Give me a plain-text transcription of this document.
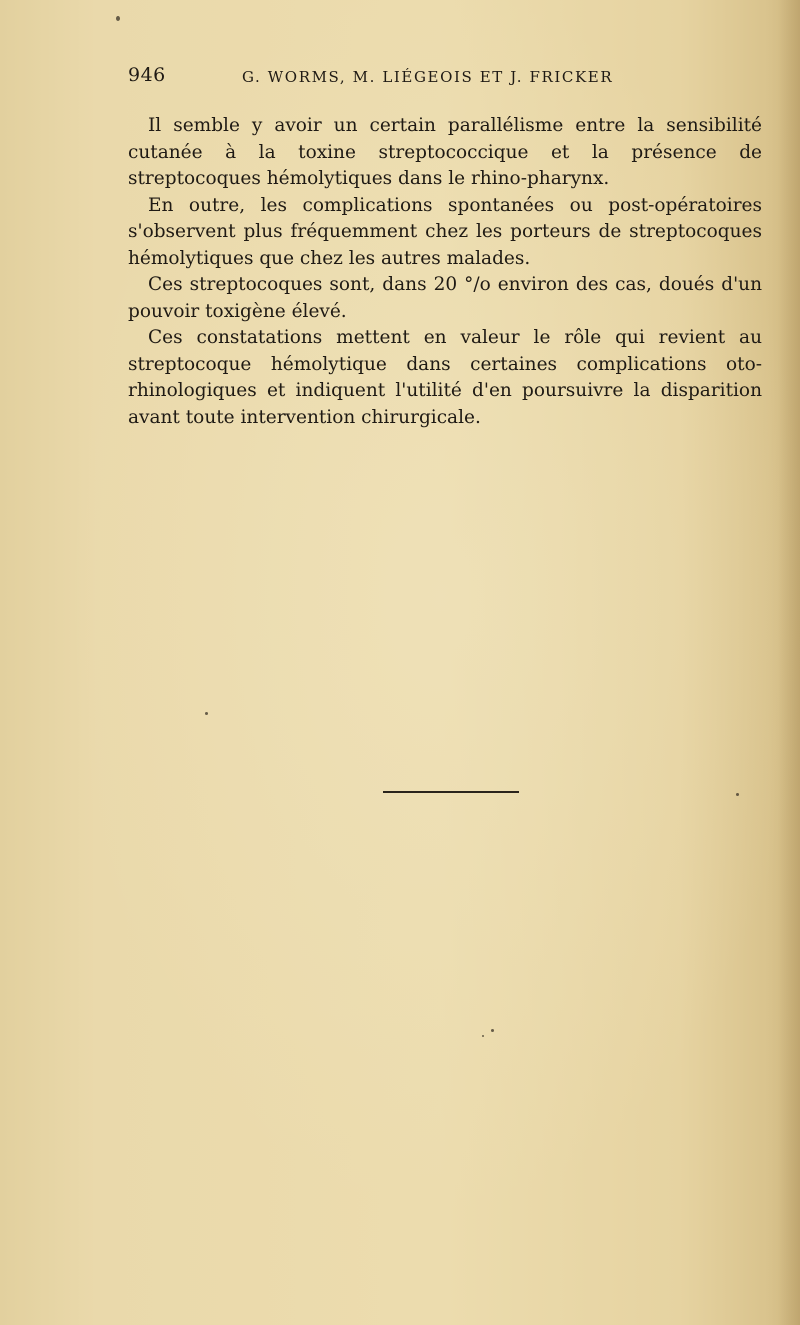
946	G. WORMS, M. LIÉGEOIS ET J. FRICKER

Il semble y avoir un certain parallélisme entre la sensibilité cutanée à la toxine streptococcique et la présence de streptocoques hémolytiques dans le rhino-pharynx.

En outre, les complications spontanées ou post-opératoires s'observent plus fréquemment chez les porteurs de streptocoques hémolytiques que chez les autres malades.

Ces streptocoques sont, dans 20 °/o environ des cas, doués d'un pouvoir toxigène élevé.

Ces constatations mettent en valeur le rôle qui revient au streptocoque hémolytique dans certaines complications oto-rhinologiques et indiquent l'utilité d'en poursuivre la disparition avant toute intervention chirurgicale.
